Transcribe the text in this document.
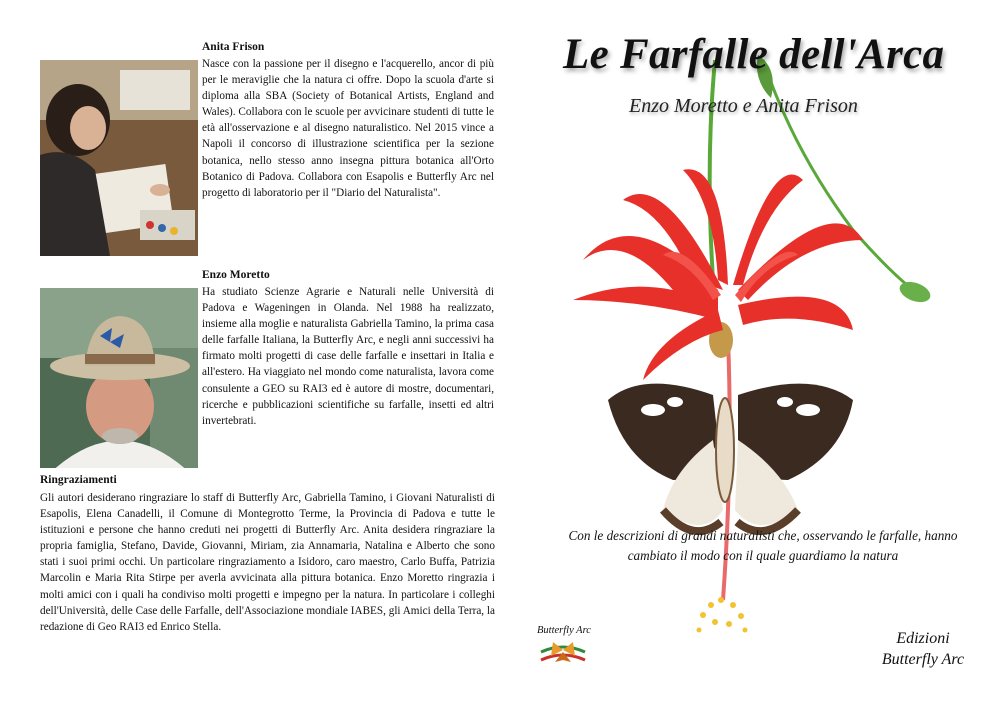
Anita Frison

Nasce con la passione per il disegno e l'acquerello, ancor di più per le meraviglie che la natura ci offre. Dopo la scuola d'arte si diploma alla SBA (Society of Botanical Artists, England and Wales). Collabora con le scuole per avvicinare studenti di tutte le età all'osservazione e al disegno naturalistico. Nel 2015 vince a Napoli il concorso di illustrazione scientifica per la sezione botanica, nello stesso anno insegna pittura botanica all'Orto Botanico di Padova. Collabora con Esapolis e Butterfly Arc nel progetto di laboratorio per il "Diario del Naturalista".

Enzo Moretto

Ha studiato Scienze Agrarie e Naturali nelle Università di Padova e Wageningen in Olanda. Nel 1988 ha realizzato, insieme alla moglie e naturalista Gabriella Tamino, la prima casa delle farfalle Italiana, la Butterfly Arc, e negli anni successivi ha firmato molti progetti di case delle farfalle e insettari in Italia e all'estero. Ha viaggiato nel mondo come naturalista, lavora come consulente a GEO su RAI3 ed è autore di mostre, documentari, ricerche e pubblicazioni scientifiche su farfalle, insetti ed altri invertebrati.

Ringraziamenti

Gli autori desiderano ringraziare lo staff di Butterfly Arc, Gabriella Tamino, i Giovani Naturalisti di Esapolis, Elena Canadelli, il Comune di Montegrotto Terme, la Provincia di Padova e tutte le istituzioni e persone che hanno creduti nei progetti di Butterfly Arc. Anita desidera ringraziare la propria famiglia, Stefano, Davide, Giovanni, Miriam, zia Annamaria, Natalina e Alberto che sono stati i suoi primi occhi. Un particolare ringraziamento a Isidoro, caro maestro, Carlo Buffa, Patrizia Marcolin e Maria Rita Stirpe per averla avvicinata alla pittura botanica. Enzo Moretto ringrazia i molti amici con i quali ha condiviso molti progetti e impegno per la natura. In particolare i colleghi dell'Università, delle Case delle Farfalle, dell'Associazione mondiale IABES, gli Amici della Terra, la redazione di Geo RAI3 ed Enrico Stella.

Le Farfalle dell'Arca

Enzo Moretto e Anita Frison

Con le descrizioni di grandi naturalisti che, osservando le farfalle, hanno cambiato il modo con il quale guardiamo la natura

Butterfly Arc	Edizioni
Butterfly Arc
